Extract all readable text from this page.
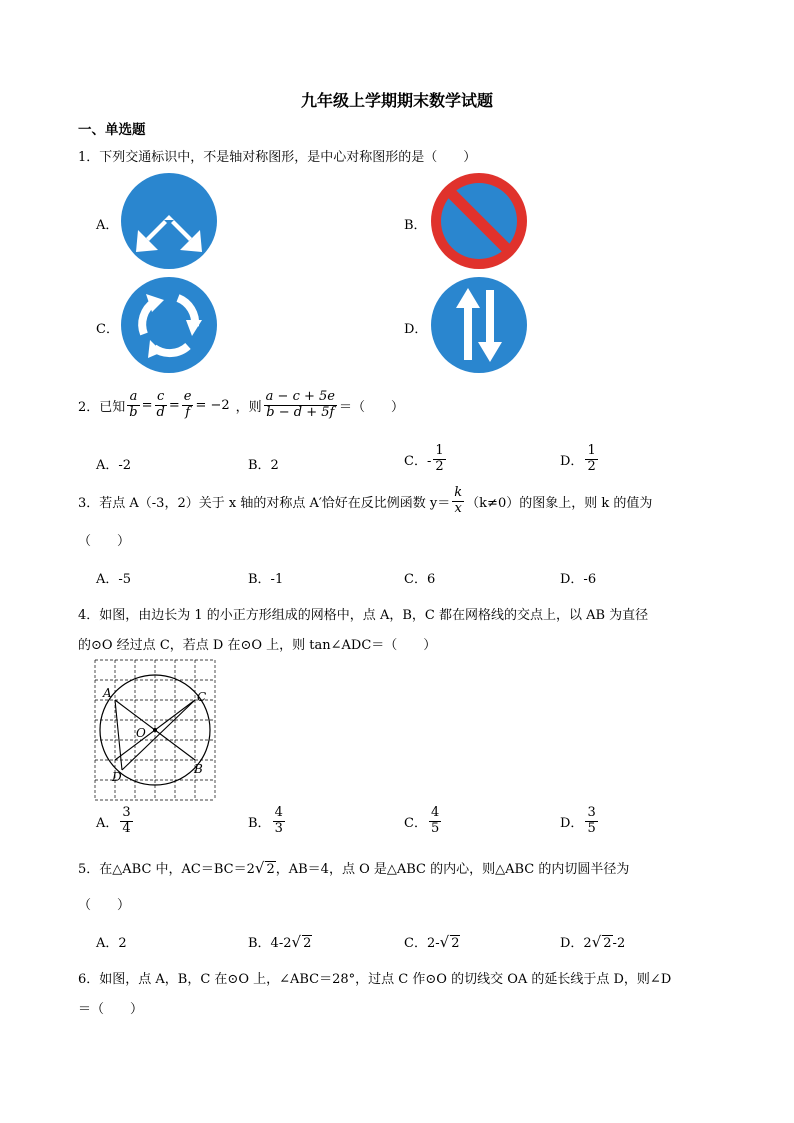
九年级上学期期末数学试题
一、单选题
1．下列交通标识中，不是轴对称图形，是中心对称图形的是（　　）
A．	B．
C．	D．
2．已知 $\frac{a}{b} = \frac{c}{d} = \frac{e}{f} = -2$ ，则 $\frac{a - c + 5e}{b - d + 5f}$ ＝（　　）
A．-2	B．2	C．- $\frac{1}{2}$	D． $\frac{1}{2}$
3．若点 A（-3，2）关于 x 轴的对称点 A′恰好在反比例函数 $y= \frac{k}{x} (k\ne 0)$的图象上，则 k 的值为
（　　）
A．-5	B．-1	C．6	D．-6
4．如图，由边长为 1 的小正方形组成的网格中，点 A，B，C 都在网格线的交点上，以 AB 为直径
的⊙O 经过点 C，若点 D 在⊙O 上，则 tan∠ADC＝（　　）
A	C
O
B
D
A． $\frac{3}{4}$	B． $\frac{4}{3}$	C． $\frac{4}{5}$	D． $\frac{3}{5}$
5．在△ABC 中，AC＝BC＝2√ 2，AB＝4，点 O 是△ABC 的内心，则△ABC 的内切圆半径为
（　　）
A．2	B．4-2√ 2	C．2-√ 2	D．2√ 2-2
6．如图，点 A，B，C 在⊙O 上，∠ABC＝28°，过点 C 作⊙O 的切线交 OA 的延长线于点 D，则∠D
＝（　　）
